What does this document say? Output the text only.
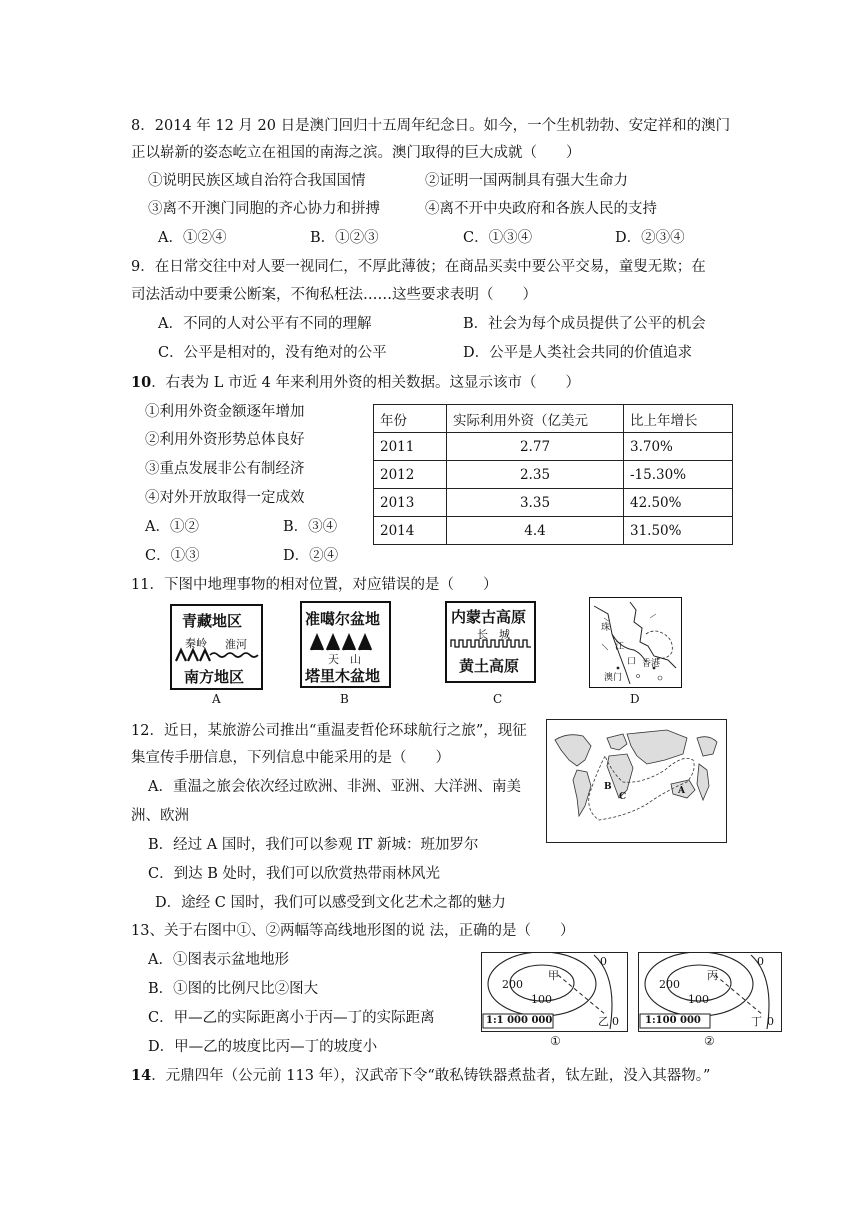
8．2014 年 12 月 20 日是澳门回归十五周年纪念日。如今，一个生机勃勃、安定祥和的澳门
正以崭新的姿态屹立在祖国的南海之滨。澳门取得的巨大成就（　　）
①说明民族区域自治符合我国国情	②证明一国两制具有强大生命力
③离不开澳门同胞的齐心协力和拼搏	④离不开中央政府和各族人民的支持
A．①②④	B．①②③	C．①③④	D．②③④
9．在日常交往中对人要一视同仁，不厚此薄彼；在商品买卖中要公平交易，童叟无欺；在
司法活动中要秉公断案，不徇私枉法……这些要求表明（　　）
A．不同的人对公平有不同的理解	B．社会为每个成员提供了公平的机会
C．公平是相对的，没有绝对的公平	D．公平是人类社会共同的价值追求
10．右表为 L 市近 4 年来利用外资的相关数据。这显示该市（　　）
①利用外资金额逐年增加
②利用外资形势总体良好
③重点发展非公有制经济
④对外开放取得一定成效
A．①②	B．③④
C．①③	D．②④
年份	实际利用外资（亿美元	比上年增长
2011	2.77	3.70%
2012	2.35	-15.30%
2013	3.35	42.50%
2014	4.4	31.50%
11．下图中地理事物的相对位置，对应错误的是（　　）
青藏地区
秦岭 淮河
南方地区
A
准噶尔盆地
天　山
塔里木盆地
B
内蒙古高原
长　城
黄土高原
C
珠
江
口
澳门
香港
D
12．近日，某旅游公司推出“重温麦哲伦环球航行之旅”，现征
集宣传手册信息，下列信息中能采用的是（　　）
A．重温之旅会依次经过欧洲、非洲、亚洲、大洋洲、南美
洲、欧洲
B．经过 A 国时，我们可以参观 IT 新城：班加罗尔
C．到达 B 处时，我们可以欣赏热带雨林风光
D．途经 C 国时，我们可以感受到文化艺术之都的魅力
A
B
C
13、关于右图中①、②两幅等高线地形图的说 法，正确的是（　　）
A．①图表示盆地地形
B．①图的比例尺比②图大
C．甲—乙的实际距离小于丙—丁的实际距离
D．甲—乙的坡度比丙—丁的坡度小
200
100
0
0
甲
乙
1:1 000 000
①
200
100
0
0
丙
丁
1:100 000
②
14．元鼎四年（公元前 113 年），汉武帝下令“敢私铸铁器煮盐者，钛左趾，没入其器物。”
